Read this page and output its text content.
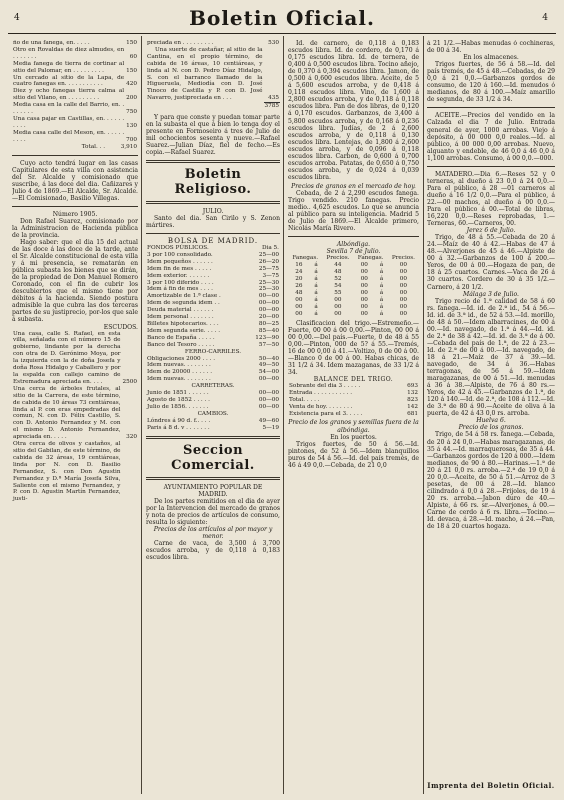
4	Boletin Oficial.	4
ño de una fanega, en. . . . .	150
Otro en Rovaldas de diez almudes, en . . . . . . .	60
Media fanega de tierra de cortinar al sitio del Palomar, en . . . . . . . . .	150
Un cercado al sitio de la Lapa, de cuatro fanegas en. . . . . . . . . . .	420
Diez y ocho fanegas tierra calma al sitio del Vilano, en . . . . . . . . .	200
Media casa en la calle del Barrio, en. . . . . . . .	750
Una casa pajar en Castillas, en. . . . . . . . . .	130
Media casa calle del Meson, en. . . . . . . . . .	700
Total. . .	3,910

Cuyo acto tendrá lugar en las casas Capitulares de esta villa con asistencia del Sr. Alcalde y comisionado que suscribe, á las doce del dia. Cañizares y Julio 4 de 1869.—El Alcalde, Sr. Alcalde.—El Comisionado, Basilio Villegas.

Número 1905.

Don Rafael Suarez, comisionado por la Administracion de Hacienda pública de la provincia.

Hago saber: que el dia 15 del actual de las doce á las doce de la tarde, ante el Sr. Alcalde constitucional de esta villa y á mi presencia, se rematarán en pública subasta los bienes que se dirán, de la propiedad de Don Manuel Romero Coronado, con el fin de cubrir los descubiertos que el mismo tiene por débitos á la hacienda. Siendo postura admisible la que cubra las dos terceras partes de su justiprecio, por-los que sale á subasta.

ESCUDOS.

Una casa, calle S. Rafael, en esta villa, señalada con el número 15 de gobierno, lindante por la derecha con otra de D. Gerónimo Moya, por la izquierda con la de doña Josefa y doña Rosa Hidalgo y Caballero y por la espalda con callejo camino de Estremadura apreciada en. . . .	2500
Una cerca de árboles frutales, al sitio de la Carrera, de este término, de cabida de 10 áreas 73 centiáreas, linda al P. con eras empedradas del comun, N. con D. Félix Castillo, S. con D. Antonio Fernandez y M. con el mismo D. Antonio Fernandez, apreciada en. . . . .	320
Otra cerca de olivos y castaños, al sitio del Gabilan, de este término, de cabida de 32 áreas, 19 centiáreas, linda por N. con D. Basilio Fernandez, S. con Don Agustin Fernandez y D.ª María Josefa Silva, Saliente con el mismo Fernandez, y P. con D. Agustin Martín Fernandez, justi-	
preciada en . . . . . . . . .	530
Una suerte de castañar, al sitio de la Cantina, en el propio término, de cabida de 16 áreas, 10 centiáreas, y linda al N. con D. Pedro Díaz Hidalgo, S. con el barranco llamado de la Higueruela, Mediodía con D. José Tinoco de Castilla y P. con D. José Navarro, justipreciada en . . .	435
	3785

Y para que conste y puedan tomar parte en la subasta el que á bien lo tenga doy el presente en Formoseiro á tres de Julio de mil ochocientos sesenta y nueve.—Rafael Suarez.—Julian Díaz, fiel de fecho.—Es copia.—Rafael Suarez.

Boletin Religioso.

JULIO.

Santo del dia. San Cirilo y S. Zenon mártires.

BOLSA DE MADRID.

FONDOS PÚBLICOS.	Dia 5.
3 por 100 consolidado.	25—00
Idem pequeños . . . . . .	26—20
Idem fin de mes . . . . .	25—75
Idem exterior. . . . . . .	3—75
3 por 100 diferido . . . .	25—30
Idem á fin de mes . . . .	25—30
Amortizable de 1.ª clase .	00—00
Idem de segunda idem . .	00—00
Deuda material . . . . . .	00—00
Idem personal . . . . . . .	20—00
Billetes hipotecarios. . . .	80—25
Idem segunda serie. . . . .	85—40
Banco de España . . . . .	123—90
Banco del Tesoro . . . . .	57—50
FERRO-CARRILES.	
Obligaciones 2000 . . . .	50—40
Idem nuevas. . . . . . . .	49—50
Idem de 20000 . . . . . .	54—00
Idem nuevas. . . . . . . .	00—00
CARRETERAS.	
Junio de 1851 . . . . . .	00—00
Agosto de 1852 . . . . .	00—00
Julio de 1856. . . . . . .	00—00
CAMBIOS.	
Lóndres á 90 d. f.. . . .	49—60
Paris á 8 d. v . . . . . . .	5—19
Seccion Comercial.

AYUNTAMIENTO POPULAR DE

MADRID.

De los partes remitidos en el dia de ayer por la Intervencion del mercado de granos y nota de precios de artículos de consumo, resulta lo siguiente:

Precios de los artículos al por mayor y menor.

Carne de vaca, de 3,500 á 3,700 escudos arroba, y de 0,118 á 0,183 escudos libra.

Id. de carnero, de 0,118 á 0,183 escudos libra. Id. de cordero, de 0,170 á 0,175 escudos libra. Id. de ternera, de 0,400 á 0,500 escudos libra. Tocino añejo, de 0,370 á 0,394 escudos libra. Jamon, de 0,500 á 0,600 escudos libra. Aceite, de 5 á 5,600 escudos arroba, y de 0,418 á 0,118 escudos libra. Vino, de 1,600 á 2,800 escudos arroba, y de 0,118 á 0,118 escudos libra. Pan de dos libras, de 0,120 á 0,170 escudos. Garbanzos, de 3,400 á 5,800 escudos arroba, y de 0,168 á 0,236 escudos libra. Judías, de 2 á 2,600 escudos arroba, y de 0,118 á 0,130 escudos libra. Lentejas, de 1,800 á 2,600 escudos arroba, y de 0,096 á 0,118 escudos libra. Carbon, de 0,600 á 0,700 escudos arroba. Patatas, de 0,650 á 0,750 escudos arroba, y de 0,024 á 0,039 escudos libra.

Precios de granos en el mercado de hoy.

Cebada, de 2 á 2,290 escudos fanega. Trigo vendido. 210 fanegas. Precio medio.. 4,625 escudos. Lo que se anuncia al público para su inteligencia. Madrid 5 de Julio de 1869.—El Alcalde primero, Nicolás María Rivero.

Albóndiga.

Sevilla 7 de Julio.

Fanegas.		Precios.	Fanegas.		Precios.
16	á	44	00	á	00
24	á	48	00	á	00
20	á	52	00	á	00
26	á	54	00	á	00
48	á	55	00	á	00
00	á	00	00	á	00
00	á	00	00	á	00
00	á	00	00	á	00

Clasificacion del trigo.—Estremeño.—Fuerte, 00 00 á 00 0,00.—Pinton, 00 00 á 00 0,00.—Del país.—Fuerte, 0 de 48 á 55 0,00.—Pinton, 000 de 5? á 55.—Tremés, 16 de 00 0,00 á 41.—Voltizo, 0 de 00 á 00.—Blanco 0 de 00 á 00. Habas chicas, de 31 1/2 á 34. Idem mazaganas, de 33 1/2 á 34.

BALANCE DEL TRIGO.

Sobrante del dia 3 . . . . .	693
Entrada . . . . . . . . . . .	132
Total. . . . .	823
Venta de hoy. . . . . . . .	142
Existencia para el 3. . . . .	681

Precio de los granos y semillas fuera de la albóndiga.

En los puertos.

Trigos fuertes, de 50 á 56.—Id. pintones, de 52 á 56.—Idem blanquillos puros de 54 á 56.—Id. del país tremés, de 46 á 49 0,0.—Cebada, de 21 0,0

á 21 1/2.—Habas menudas ó cochineras, de 00 á 34.

En los almacenes.

Trigos fuertes, de 56 á 58.—Id. del país tremés, de 45 á 48.—Cebadas, de 29 0,0 á 21 0,0.—Garbanzos gordos de consumo, de 120 á 160.—Id. menudos ó medianos, de 80 á 100.—Maíz amarillo de segunda, de 33 1/2 á 34.

ACEITE.—Precios del vendido en la Calzada el dia 7 de Julio. Entrada general de ayer, 1000 arrobas. Viejo á depósito, á 00 000 0,0 reales.—Id. al público, á 00 000 0,00 arrobas. Nuevo, alguanto y endeble, de 46 0,0 á 46 0,0 á 1,100 arrobas. Consumo, á 00 0,0.—000.

MATADERO.—Dia 6.—Reses 52 y 0 terneras, al dueño á 23 0,0 á 24 0,0.—Para el público, á 28 —01 carneros al dueño á 16 1/2 0,0.—Para el público, á 22.—00 machos, al dueño á 00 0,0.—Para el público á 00.—Total de libras, 16,220 0,0.—Reses reprobadas, 1.—Terneras, 60.—Carneros, 00.

Jerez 6 de Julio.

Trigo, de 48 á 55.—Cebada de 20 á 24.—Maíz de 40 á 42.—Habas de 47 á 48.—Alverjones de 45 á 46.—Alpiste de 00 á 32.—Garbanzos de 100 á 200.—Yeros, de 00 á 00.—Hogaza de pan, de 18 á 25 cuartos. Carnes.—Vaca de 26 á 30 cuartos. Cordero de 30 á 35 1/2.—Carnero, á 20 1/2.

Málaga 3 de Julio.

Trigo recio de 1.ª calidad de 58 á 60 rs. fanega.—Id. id. de 2.ª id., 54 á 56.—Id. id. de 3.ª id., de 52 á 53.—Id. morillo, de 48 á 50.—Idem albarracines, de 00 á 00.—Id. navegado, de 1.ª á 44.—Id. id. de 2.ª de 38 á 42.—Id. id. de 3.ª de á 00.—Cebada del país de 1.ª, de 22 á 23.—Id. de 2.ª de 00 á 00.—Id. navegado, de 18 á 21.—Maíz de 37 á 39.—Id. navegado, de 34 á 36.—Habas terragonas, de 56 á 59.—Idem maragazanas, de 00 á 51.—Id. menudas á 36 á 38.—Alpiste, de 76 á 80 rs.—Yeros, de 42 á 45.—Garbanzos de 1.ª, de 120 á 140.—Id. de 2.ª, de 108 á 112.—Id. de 3.ª de 80 á 90.—Aceite de oliva á la puerta, de 42 á 43 0,0 rs. arroba.

Huelva 6.

Precio de los granos.

Trigo, de 54 á 58 rs. fanega.—Cebada, de 20 á 24 0,0.—Habas maragazanas, de 35 á 44.—Id. marraquerosas, de 35 á 44.—Garbanzos gordos de 120 á 000.—Idem medianos, de 90 á 80.—Harinas.—1.ª de 20 á 21 0,0 rs. arroba.—2.ª de 19 0,0 á 20 0,0.—Aceite, de 50 á 51.—Arroz de 3 pesetas, de 00 á 28.—Id. blanco cilindrado á 0,0 á 28.—Frijoles, de 19 á 20 rs. arroba.—Jabon duro de 40.—Alpiste, á 66 rs. sr.—Alverjones, á 00.—Carne de cerdo á 6 rs. libra.—Tocino.—Id. devaca, á 28.—Id. macho, á 24.—Pan, de 18 á 20 cuartos hogaza.

Imprenta del Boletin Oficial.
